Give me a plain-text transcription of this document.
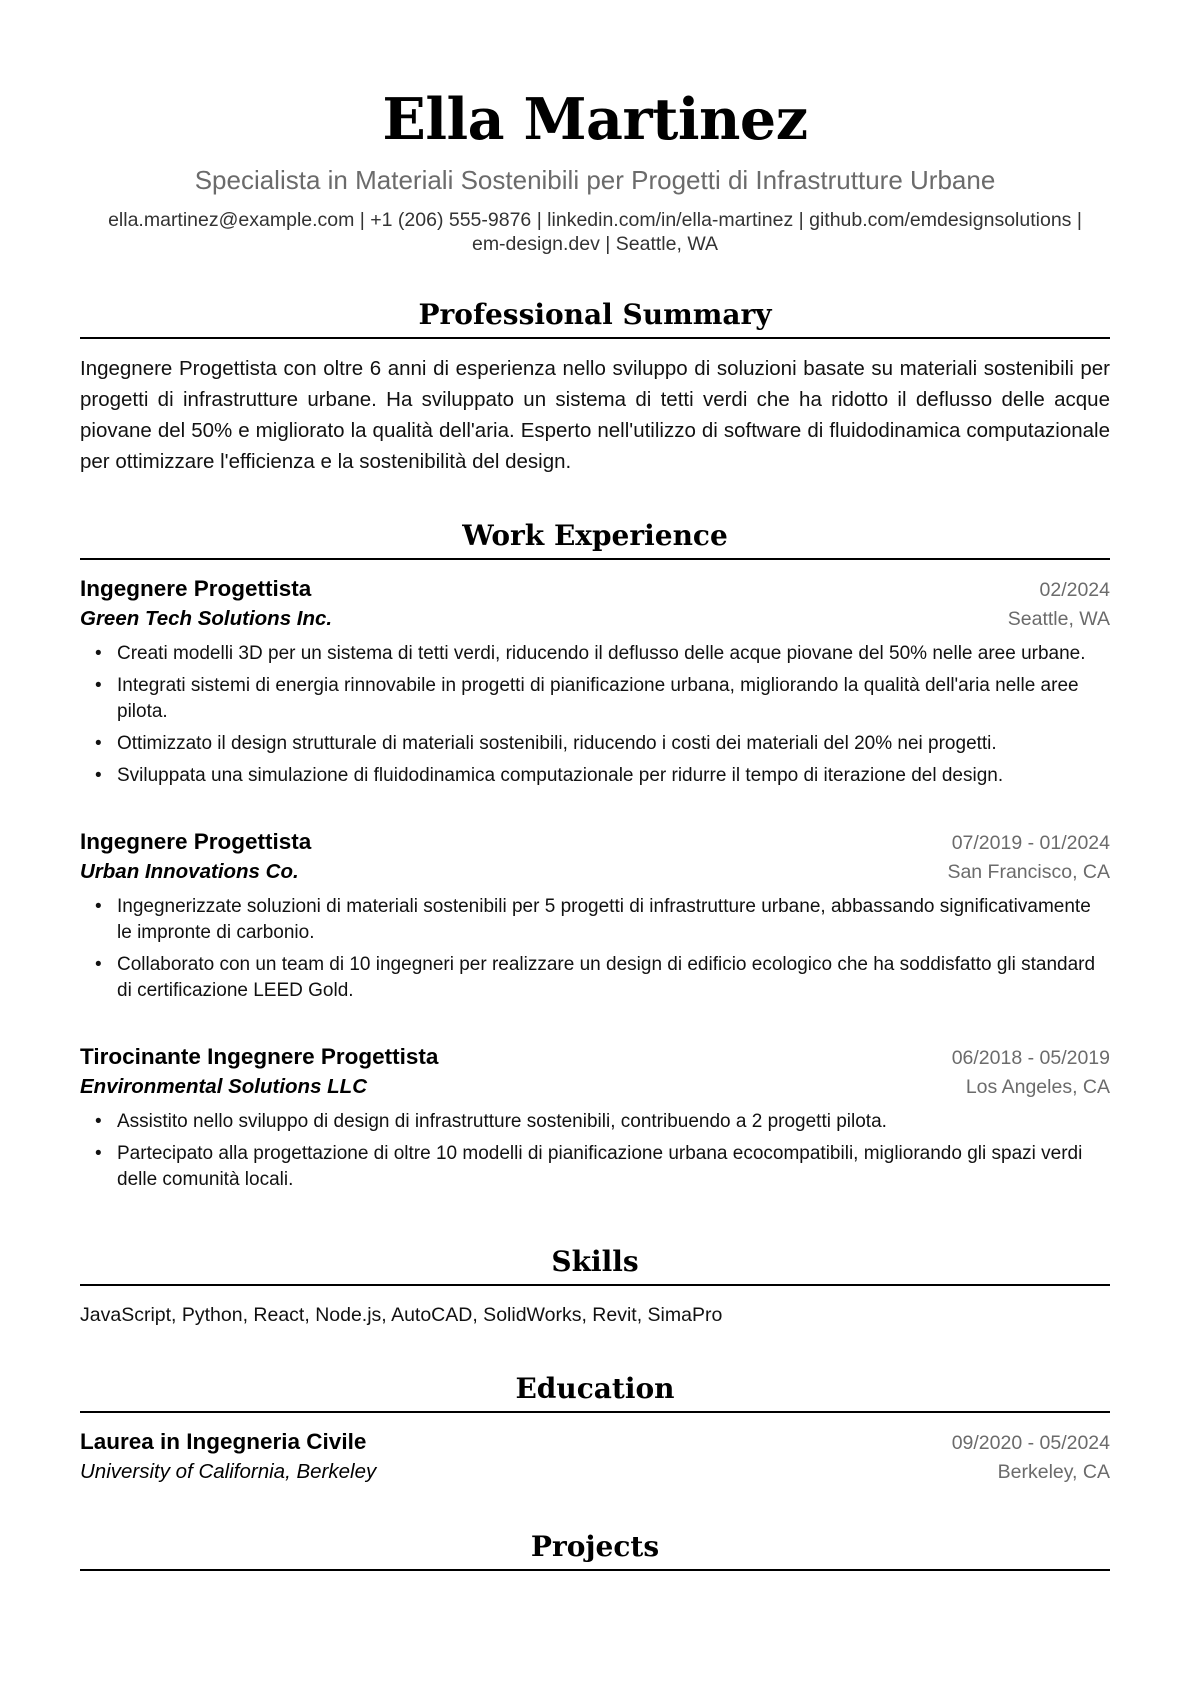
Ella Martinez
Specialista in Materiali Sostenibili per Progetti di Infrastrutture Urbane
ella.martinez@example.com | +1 (206) 555-9876 | linkedin.com/in/ella-martinez | github.com/emdesignsolutions |
em-design.dev | Seattle, WA
Professional Summary

Ingegnere Progettista con oltre 6 anni di esperienza nello sviluppo di soluzioni basate su materiali sostenibili per progetti di infrastrutture urbane. Ha sviluppato un sistema di tetti verdi che ha ridotto il deflusso delle acque piovane del 50% e migliorato la qualità dell'aria. Esperto nell'utilizzo di software di fluidodinamica computazionale per ottimizzare l'efficienza e la sostenibilità del design.

Work Experience
Ingegnere Progettista	02/2024
Green Tech Solutions Inc.	Seattle, WA
• Creati modelli 3D per un sistema di tetti verdi, riducendo il deflusso delle acque piovane del 50% nelle aree urbane.
• Integrati sistemi di energia rinnovabile in progetti di pianificazione urbana, migliorando la qualità dell'aria nelle aree pilota.
• Ottimizzato il design strutturale di materiali sostenibili, riducendo i costi dei materiali del 20% nei progetti.
• Sviluppata una simulazione di fluidodinamica computazionale per ridurre il tempo di iterazione del design.
Ingegnere Progettista	07/2019 - 01/2024
Urban Innovations Co.	San Francisco, CA
• Ingegnerizzate soluzioni di materiali sostenibili per 5 progetti di infrastrutture urbane, abbassando significativamente le impronte di carbonio.
• Collaborato con un team di 10 ingegneri per realizzare un design di edificio ecologico che ha soddisfatto gli standard di certificazione LEED Gold.
Tirocinante Ingegnere Progettista	06/2018 - 05/2019
Environmental Solutions LLC	Los Angeles, CA
• Assistito nello sviluppo di design di infrastrutture sostenibili, contribuendo a 2 progetti pilota.
• Partecipato alla progettazione di oltre 10 modelli di pianificazione urbana ecocompatibili, migliorando gli spazi verdi delle comunità locali.
Skills
JavaScript, Python, React, Node.js, AutoCAD, SolidWorks, Revit, SimaPro
Education
Laurea in Ingegneria Civile	09/2020 - 05/2024
University of California, Berkeley	Berkeley, CA
Projects
